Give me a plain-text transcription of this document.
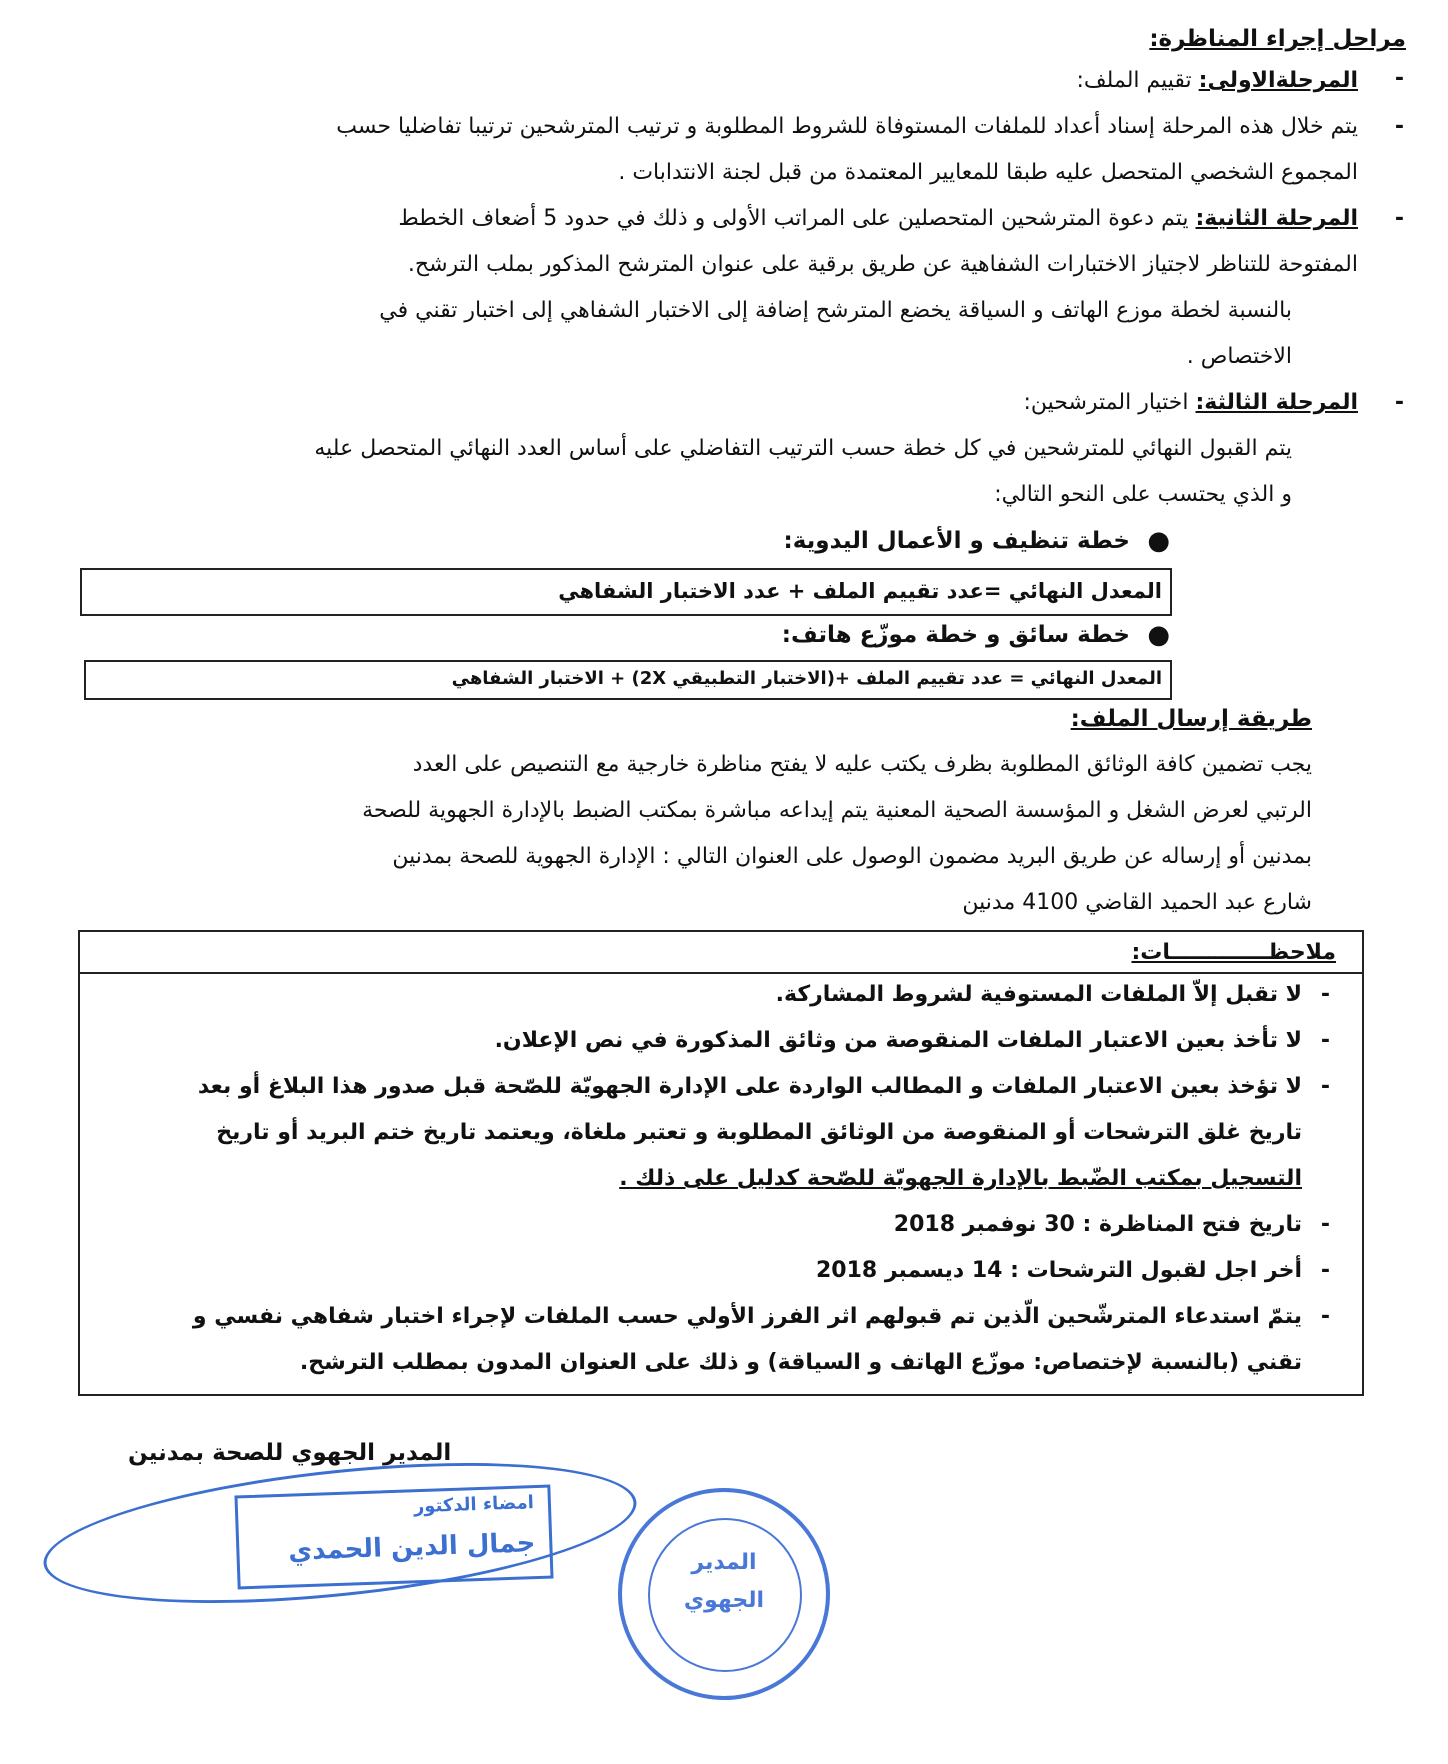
مراحل إجراء المناظرة:
-
المرحلةالاولى: تقييم الملف:
-
يتم خلال هذه المرحلة إسناد أعداد للملفات المستوفاة للشروط المطلوبة و ترتيب المترشحين ترتيبا تفاضليا حسب
المجموع الشخصي المتحصل عليه طبقا للمعايير المعتمدة من قبل لجنة الانتدابات .
-
المرحلة الثانية: يتم دعوة المترشحين المتحصلين على المراتب الأولى و ذلك في حدود 5 أضعاف الخطط
المفتوحة للتناظر لاجتياز الاختبارات الشفاهية عن طريق برقية على عنوان المترشح المذكور بملب الترشح.
بالنسبة لخطة موزع الهاتف و السياقة يخضع المترشح إضافة إلى الاختبار الشفاهي إلى اختبار تقني في
الاختصاص .
-
المرحلة الثالثة: اختيار المترشحين:
يتم القبول النهائي للمترشحين في كل خطة حسب الترتيب التفاضلي على أساس العدد النهائي المتحصل عليه
و الذي يحتسب على النحو التالي:
●
خطة تنظيف و الأعمال اليدوية:
المعدل النهائي =عدد تقييم الملف + عدد الاختبار الشفاهي
●
خطة سائق و خطة موزّع هاتف:
المعدل النهائي = عدد تقييم الملف +(الاختبار التطبيقي 2X) + الاختبار الشفاهي
طريقة إرسال الملف:
يجب تضمين كافة الوثائق المطلوبة بظرف يكتب عليه لا يفتح مناظرة خارجية مع التنصيص على العدد
الرتبي لعرض الشغل و المؤسسة الصحية المعنية يتم إيداعه مباشرة بمكتب الضبط بالإدارة الجهوية للصحة
بمدنين أو إرساله عن طريق البريد مضمون الوصول على العنوان التالي : الإدارة الجهوية للصحة بمدنين
شارع عبد الحميد القاضي 4100 مدنين
ملاحظـــــــــــــات:
-
لا تقبل إلاّ الملفات المستوفية لشروط المشاركة.
-
لا تأخذ بعين الاعتبار الملفات المنقوصة من وثائق المذكورة في نص الإعلان.
-
لا تؤخذ بعين الاعتبار الملفات و المطالب الواردة على الإدارة الجهويّة للصّحة قبل صدور هذا البلاغ أو بعد
تاريخ غلق الترشحات أو المنقوصة من الوثائق المطلوبة و تعتبر ملغاة، ويعتمد تاريخ ختم البريد أو تاريخ
التسجيل بمكتب الضّبط بالإدارة الجهويّة للصّحة كدليل على ذلك .
-
تاريخ فتح المناظرة : 30 نوفمبر 2018
-
أخر اجل لقبول الترشحات : 14 ديسمبر 2018
-
يتمّ استدعاء المترشّحين الّذين تم قبولهم اثر الفرز الأولي حسب الملفات لإجراء اختبار شفاهي نفسي و
تقني (بالنسبة لإختصاص: موزّع الهاتف و السياقة) و ذلك على العنوان المدون بمطلب الترشح.
المدير الجهوي للصحة بمدنين
امضاء الدكتور
جمال الدين الحمدي	المدير
الجهوي
